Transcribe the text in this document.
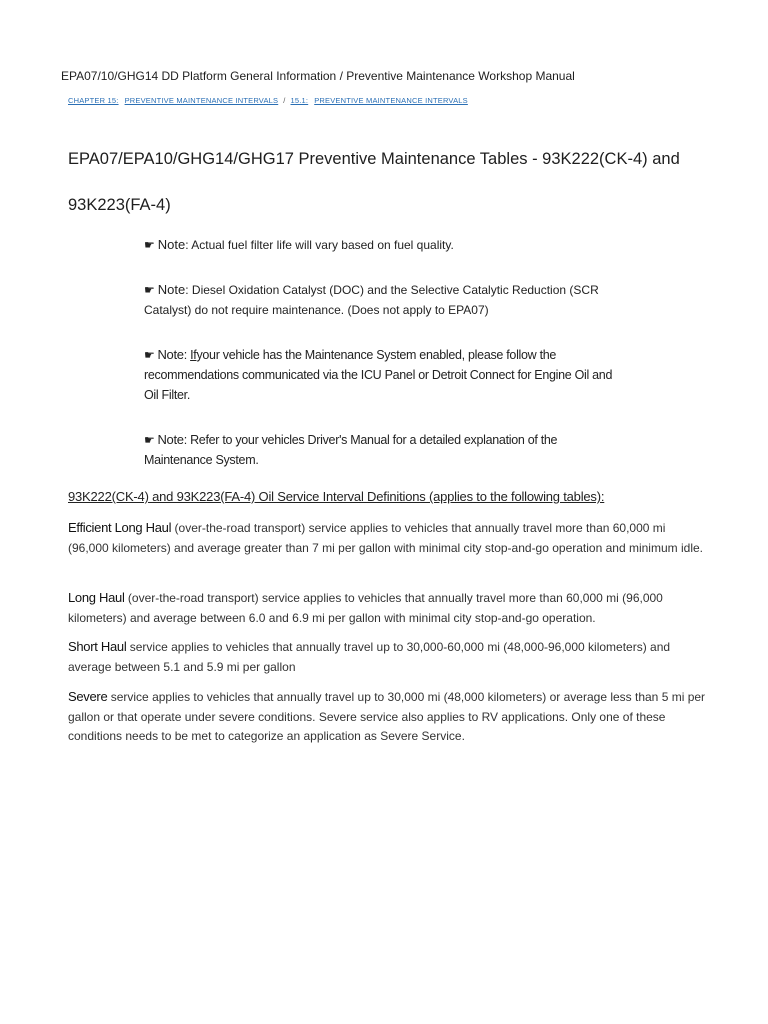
EPA07/10/GHG14 DD Platform General Information / Preventive Maintenance Workshop Manual
CHAPTER 15: PREVENTIVE MAINTENANCE INTERVALS / 15.1: PREVENTIVE MAINTENANCE INTERVALS
EPA07/EPA10/GHG14/GHG17 Preventive Maintenance Tables - 93K222(CK-4) and 93K223(FA-4)
☛ Note: Actual fuel filter life will vary based on fuel quality.
☛ Note: Diesel Oxidation Catalyst (DOC) and the Selective Catalytic Reduction (SCR Catalyst) do not require maintenance. (Does not apply to EPA07)
☛ Note: Ifyour vehicle has the Maintenance System enabled, please follow the recommendations communicated via the ICU Panel or Detroit Connect for Engine Oil and Oil Filter.
☛ Note: Refer to your vehicles Driver's Manual for a detailed explanation of the Maintenance System.
93K222(CK-4) and 93K223(FA-4) Oil Service Interval Definitions (applies to the following tables):

Efficient Long Haul (over-the-road transport) service applies to vehicles that annually travel more than 60,000 mi (96,000 kilometers) and average greater than 7 mi per gallon with minimal city stop-and-go operation and minimum idle.

Long Haul (over-the-road transport) service applies to vehicles that annually travel more than 60,000 mi (96,000 kilometers) and average between 6.0 and 6.9 mi per gallon with minimal city stop-and-go operation.

Short Haul service applies to vehicles that annually travel up to 30,000-60,000 mi (48,000-96,000 kilometers) and average between 5.1 and 5.9 mi per gallon

Severe service applies to vehicles that annually travel up to 30,000 mi (48,000 kilometers) or average less than 5 mi per gallon or that operate under severe conditions. Severe service also applies to RV applications. Only one of these conditions needs to be met to categorize an application as Severe Service.
